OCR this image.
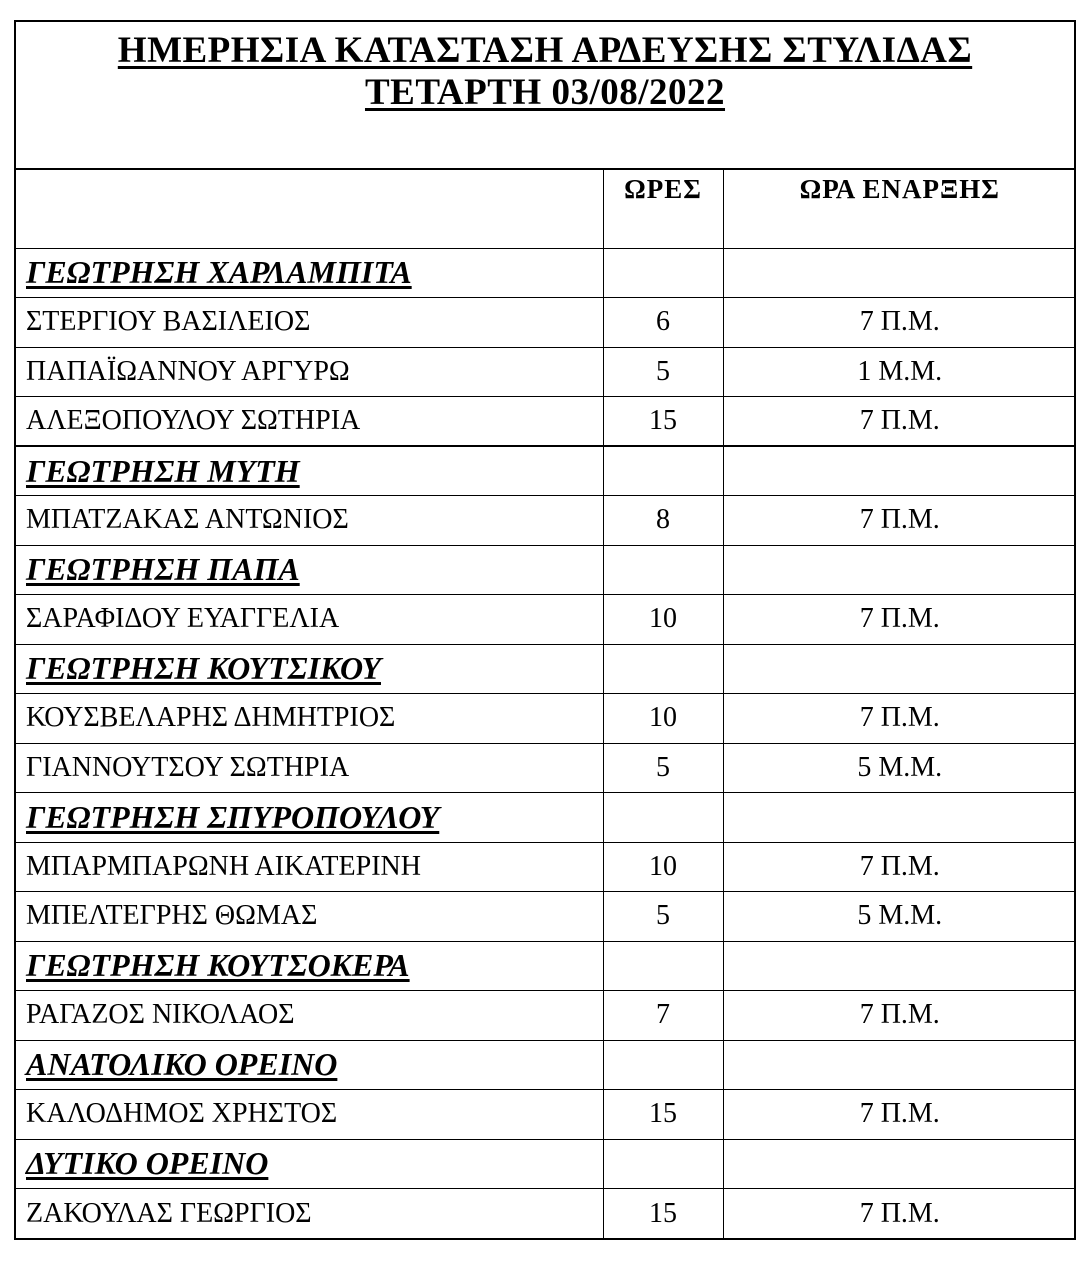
ΗΜΕΡΗΣΙΑ ΚΑΤΑΣΤΑΣΗ ΑΡΔΕΥΣΗΣ ΣΤΥΛΙΔΑΣ
ΤΕΤΑΡΤΗ 03/08/2022
	ΩΡΕΣ	ΩΡΑ ΕΝΑΡΞΗΣ
ΓΕΩΤΡΗΣΗ ΧΑΡΛΑΜΠΙΤΑ		
ΣΤΕΡΓΙΟΥ ΒΑΣΙΛΕΙΟΣ	6	7 Π.Μ.
ΠΑΠΑΪΩΑΝΝΟΥ ΑΡΓΥΡΩ	5	1 Μ.Μ.
ΑΛΕΞΟΠΟΥΛΟΥ ΣΩΤΗΡΙΑ	15	7 Π.Μ.
ΓΕΩΤΡΗΣΗ ΜΥΤΗ		
ΜΠΑΤΖΑΚΑΣ ΑΝΤΩΝΙΟΣ	8	7 Π.Μ.
ΓΕΩΤΡΗΣΗ ΠΑΠΑ		
ΣΑΡΑΦΙΔΟΥ ΕΥΑΓΓΕΛΙΑ	10	7 Π.Μ.
ΓΕΩΤΡΗΣΗ ΚΟΥΤΣΙΚΟΥ		
ΚΟΥΣΒΕΛΑΡΗΣ ΔΗΜΗΤΡΙΟΣ	10	7 Π.Μ.
ΓΙΑΝΝΟΥΤΣΟΥ ΣΩΤΗΡΙΑ	5	5 Μ.Μ.
ΓΕΩΤΡΗΣΗ ΣΠΥΡΟΠΟΥΛΟΥ		
ΜΠΑΡΜΠΑΡΩΝΗ ΑΙΚΑΤΕΡΙΝΗ	10	7 Π.Μ.
ΜΠΕΛΤΕΓΡΗΣ ΘΩΜΑΣ	5	5 Μ.Μ.
ΓΕΩΤΡΗΣΗ ΚΟΥΤΣΟΚΕΡΑ		
ΡΑΓΑΖΟΣ ΝΙΚΟΛΑΟΣ	7	7 Π.Μ.
ΑΝΑΤΟΛΙΚΟ ΟΡΕΙΝΟ		
ΚΑΛΟΔΗΜΟΣ ΧΡΗΣΤΟΣ	15	7 Π.Μ.
ΔΥΤΙΚΟ ΟΡΕΙΝΟ		
ΖΑΚΟΥΛΑΣ ΓΕΩΡΓΙΟΣ	15	7 Π.Μ.
